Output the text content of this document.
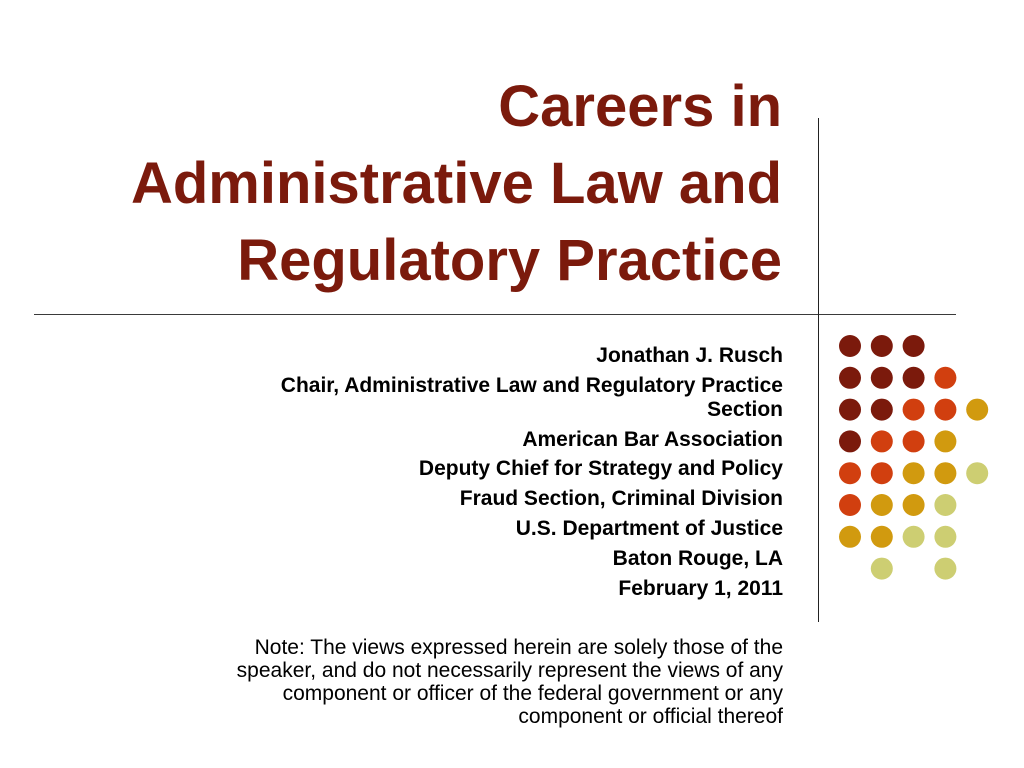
Careers in
Administrative Law and
Regulatory Practice
Jonathan J. Rusch
Chair, Administrative Law and Regulatory Practice
Section
American Bar Association
Deputy Chief for Strategy and Policy
Fraud Section, Criminal Division
U.S. Department of Justice
Baton Rouge, LA
February 1, 2011
Note: The views expressed herein are solely those of the
speaker, and do not necessarily represent the views of any
component or officer of the federal government or any
component or official thereof
